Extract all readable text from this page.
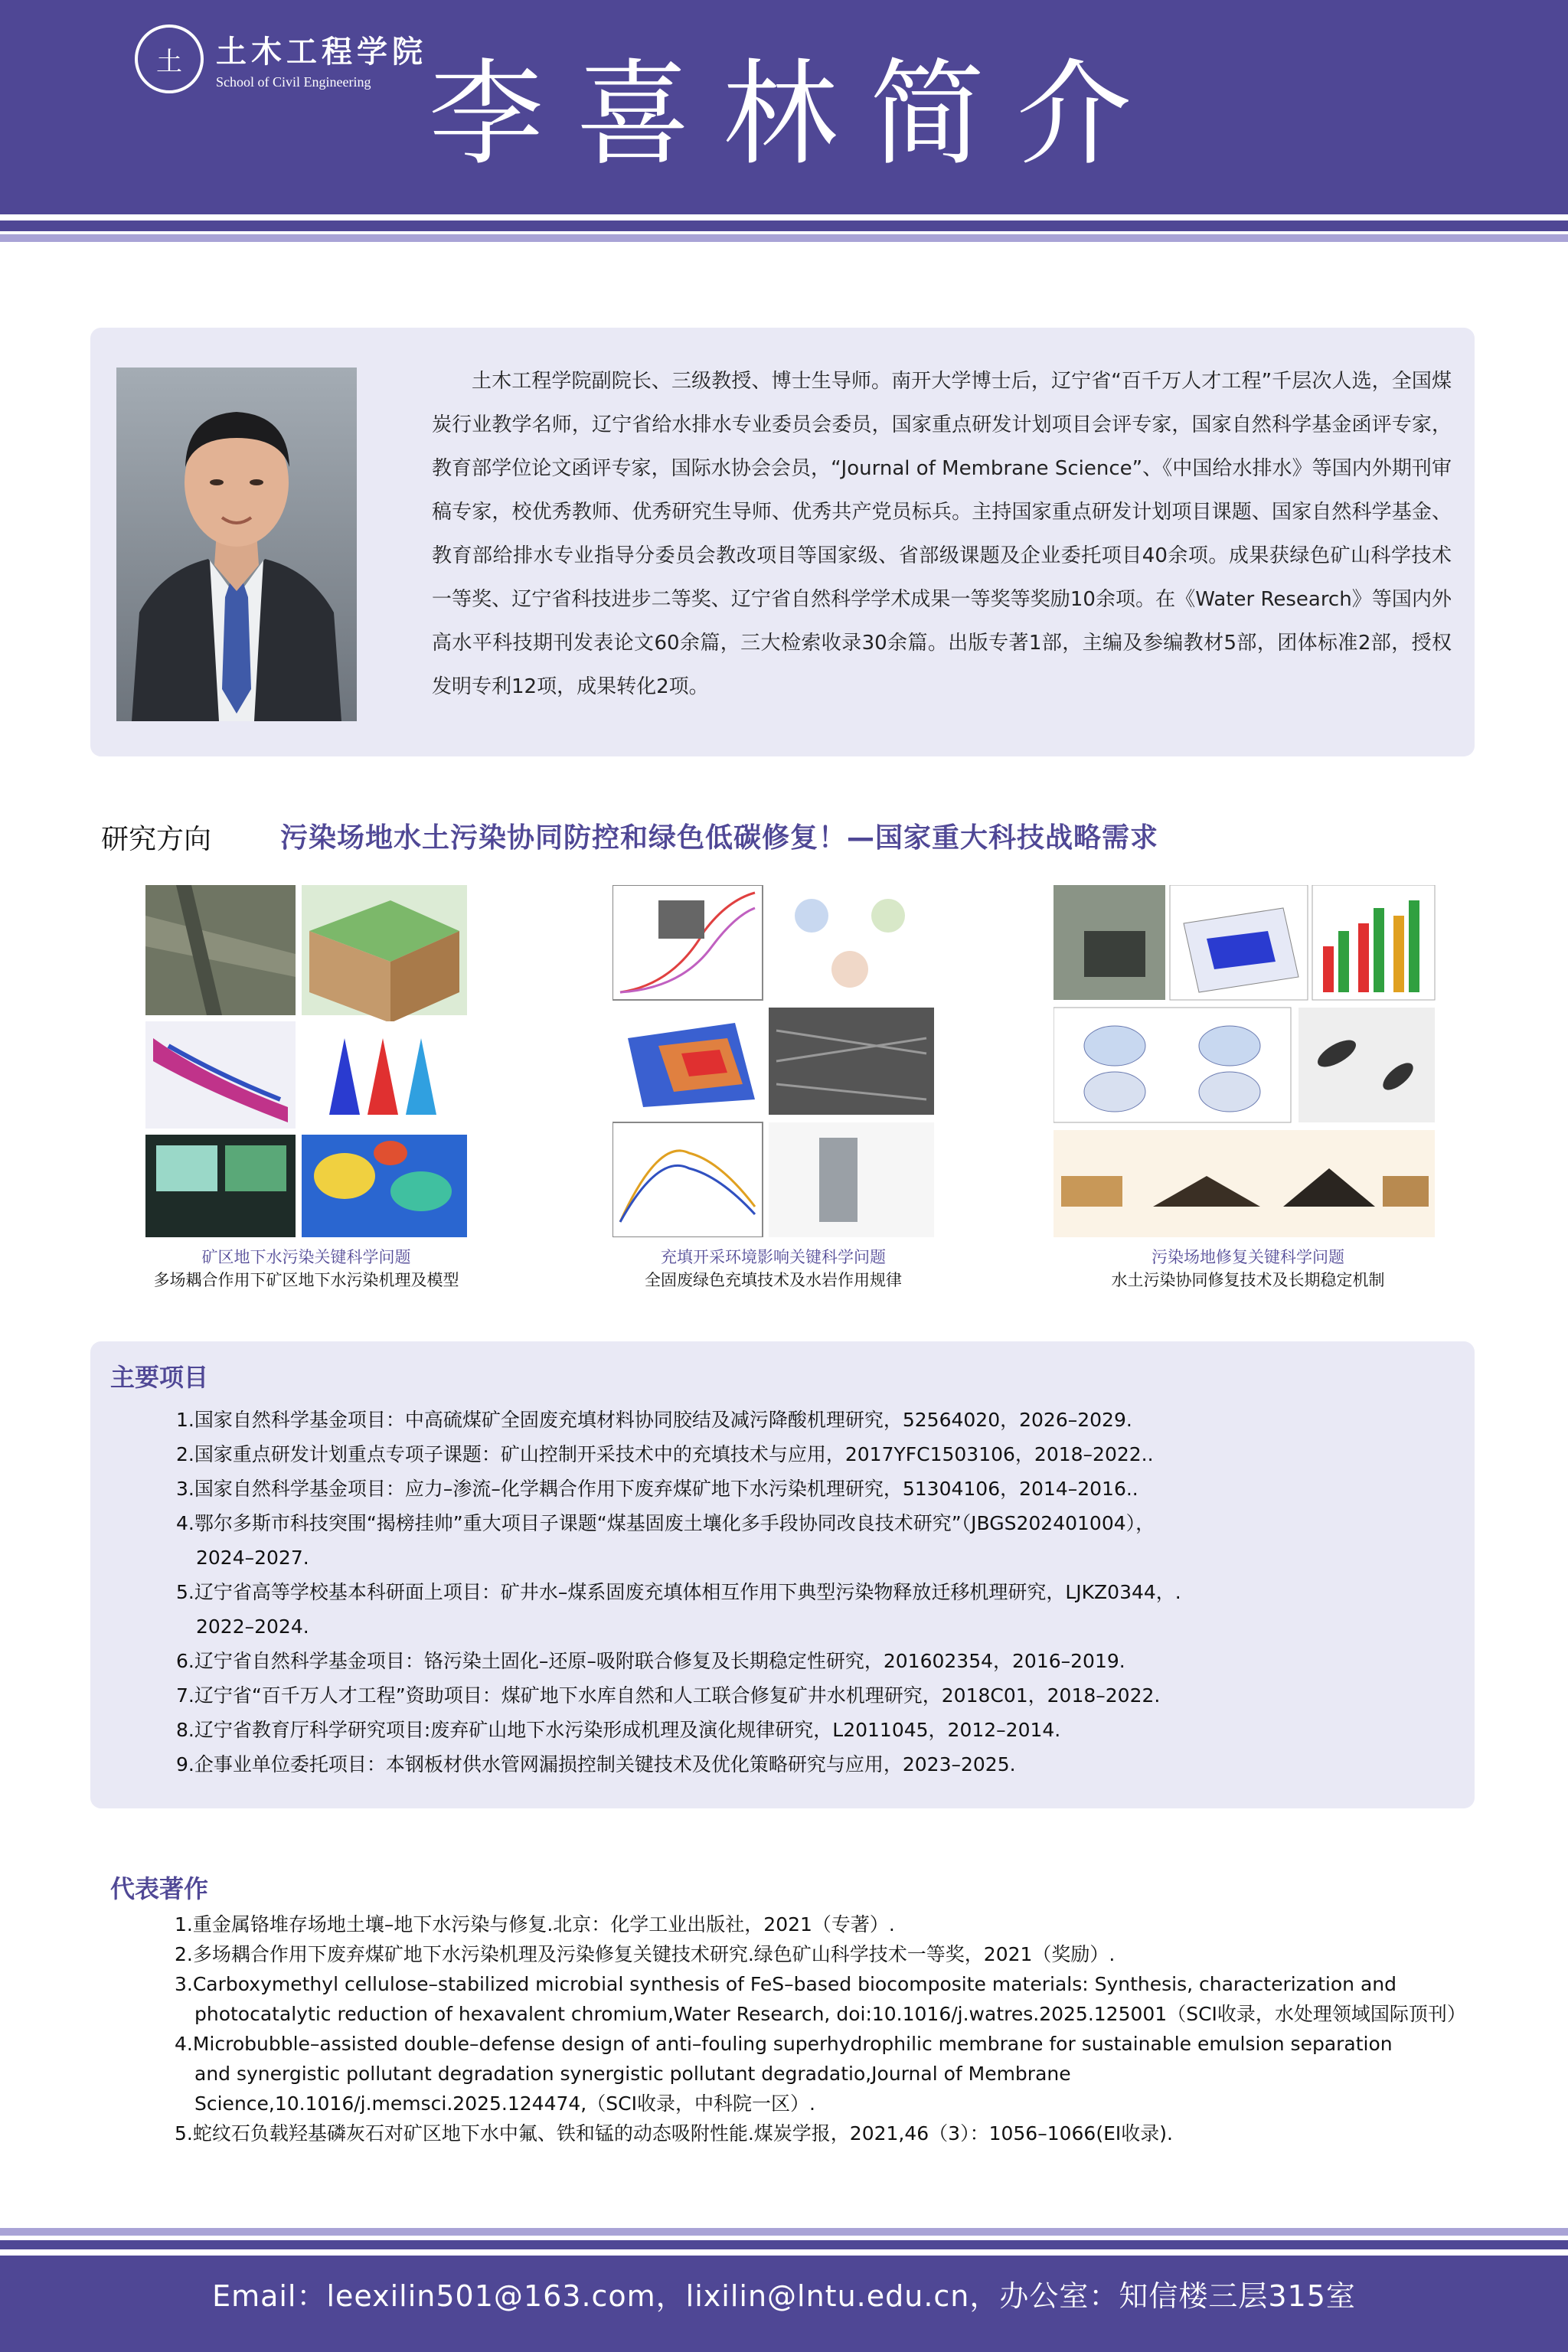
土 土木工程学院
School of Civil Engineering 李喜林简介
土木工程学院副院长、三级教授、博士生导师。南开大学博士后，辽宁省“百千万人才工程”千层次人选，全国煤炭行业教学名师，辽宁省给水排水专业委员会委员，国家重点研发计划项目会评专家，国家自然科学基金函评专家，教育部学位论文函评专家，国际水协会会员，“Journal of Membrane Science”、《中国给水排水》等国内外期刊审稿专家，校优秀教师、优秀研究生导师、优秀共产党员标兵。主持国家重点研发计划项目课题、国家自然科学基金、教育部给排水专业指导分委员会教改项目等国家级、省部级课题及企业委托项目40余项。成果获绿色矿山科学技术一等奖、辽宁省科技进步二等奖、辽宁省自然科学学术成果一等奖等奖励10余项。在《Water Research》等国内外高水平科技期刊发表论文60余篇，三大检索收录30余篇。出版专著1部，主编及参编教材5部，团体标准2部，授权发明专利12项，成果转化2项。
研究方向 污染场地水土污染协同防控和绿色低碳修复！—国家重大科技战略需求
矿区地下水污染关键科学问题
多场耦合作用下矿区地下水污染机理及模型
充填开采环境影响关键科学问题
全固废绿色充填技术及水岩作用规律
污染场地修复关键科学问题
水土污染协同修复技术及长期稳定机制
主要项目
1.国家自然科学基金项目：中高硫煤矿全固废充填材料协同胶结及减污降酸机理研究，52564020，2026–2029.
2.国家重点研发计划重点专项子课题：矿山控制开采技术中的充填技术与应用，2017YFC1503106，2018–2022..
3.国家自然科学基金项目：应力–渗流–化学耦合作用下废弃煤矿地下水污染机理研究，51304106，2014–2016..
4.鄂尔多斯市科技突围“揭榜挂帅”重大项目子课题“煤基固废土壤化多手段协同改良技术研究”（JBGS202401004），
2024–2027.
5.辽宁省高等学校基本科研面上项目：矿井水–煤系固废充填体相互作用下典型污染物释放迁移机理研究，LJKZ0344，.
2022–2024.
6.辽宁省自然科学基金项目：铬污染土固化–还原–吸附联合修复及长期稳定性研究，201602354，2016–2019.
7.辽宁省“百千万人才工程”资助项目：煤矿地下水库自然和人工联合修复矿井水机理研究，2018C01，2018–2022.
8.辽宁省教育厅科学研究项目:废弃矿山地下水污染形成机理及演化规律研究，L2011045，2012–2014.
9.企事业单位委托项目：本钢板材供水管网漏损控制关键技术及优化策略研究与应用，2023–2025.
代表著作
1.重金属铬堆存场地土壤–地下水污染与修复.北京：化学工业出版社，2021（专著）.
2.多场耦合作用下废弃煤矿地下水污染机理及污染修复关键技术研究.绿色矿山科学技术一等奖，2021（奖励）.
3.Carboxymethyl cellulose–stabilized microbial synthesis of FeS–based biocomposite materials: Synthesis, characterization and
photocatalytic reduction of hexavalent chromium,Water Research, doi:10.1016/j.watres.2025.125001（SCI收录，水处理领域国际顶刊）
4.Microbubble–assisted double–defense design of anti–fouling superhydrophilic membrane for sustainable emulsion separation
and synergistic pollutant degradation synergistic pollutant degradatio,Journal of Membrane Science,10.1016/j.memsci.2025.124474,（SCI收录，中科院一区）.
5.蛇纹石负载羟基磷灰石对矿区地下水中氟、铁和锰的动态吸附性能.煤炭学报，2021,46（3）：1056–1066(EI收录).
Email：leexilin501@163.com，lixilin@lntu.edu.cn，办公室：知信楼三层315室
